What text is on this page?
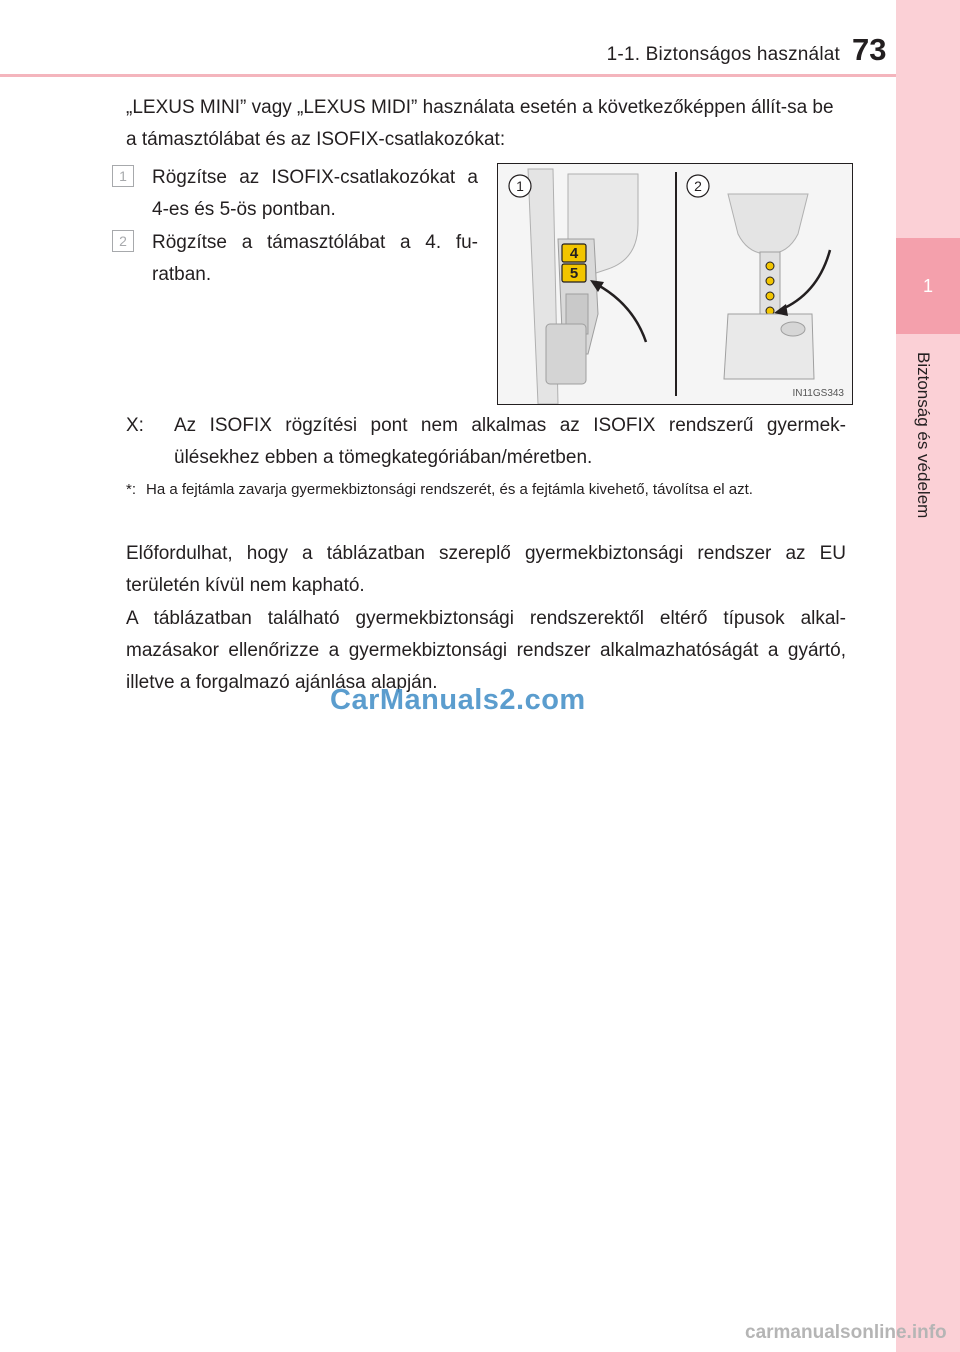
1-1. Biztonságos használat 73
1
Biztonság és védelem
„LEXUS MINI” vagy „LEXUS MIDI” használata esetén a következőképpen állít-sa be a támasztólábat és az ISOFIX-csatlakozókat:
1	Rögzítse az ISOFIX-csatlakozókat a 4-es és 5-ös pontban.
2	Rögzítse a támasztólábat a 4. fu-ratban.
4
5
1	2
IN11GS343
X: Az ISOFIX rögzítési pont nem alkalmas az ISOFIX rendszerű gyermek-ülésekhez ebben a tömegkategóriában/méretben.
*: Ha a fejtámla zavarja gyermekbiztonsági rendszerét, és a fejtámla kivehető, távolítsa el azt.
Előfordulhat, hogy a táblázatban szereplő gyermekbiztonsági rendszer az EU területén kívül nem kapható.
A táblázatban található gyermekbiztonsági rendszerektől eltérő típusok alkal-mazásakor ellenőrizze a gyermekbiztonsági rendszer alkalmazhatóságát a gyártó, illetve a forgalmazó ajánlása alapján.
CarManuals2.com
carmanualsonline.info
